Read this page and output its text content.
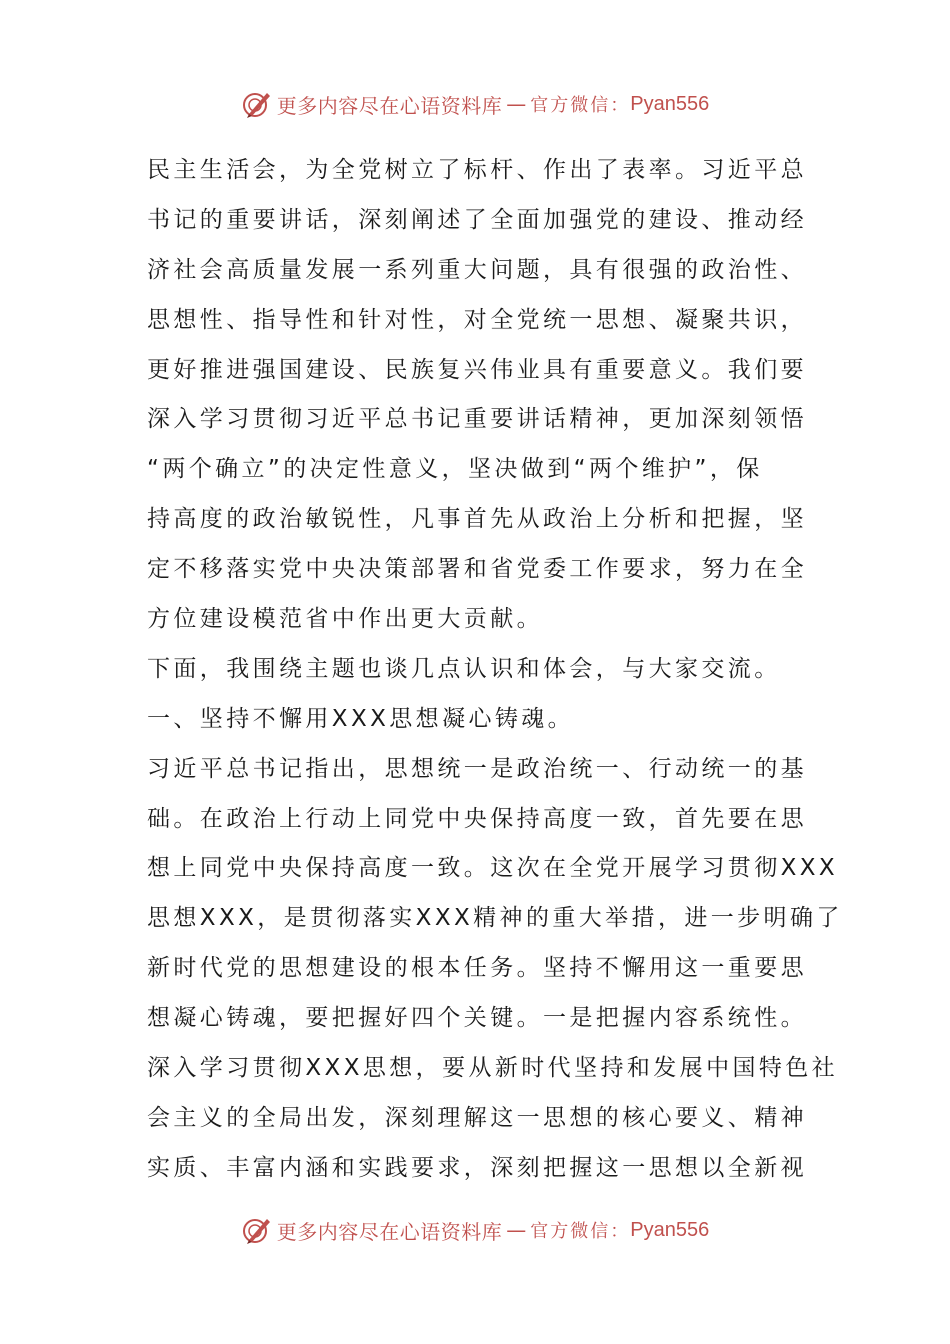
更多内容尽在心语资料库 — 官方微信： Pyan556
民主生活会，为全党树立了标杆、作出了表率。习近平总
书记的重要讲话，深刻阐述了全面加强党的建设、推动经
济社会高质量发展一系列重大问题，具有很强的政治性、
思想性、指导性和针对性，对全党统一思想、凝聚共识，
更好推进强国建设、民族复兴伟业具有重要意义。我们要
深入学习贯彻习近平总书记重要讲话精神，更加深刻领悟
“两个确立”的决定性意义，坚决做到“两个维护”，保
持高度的政治敏锐性，凡事首先从政治上分析和把握，坚
定不移落实党中央决策部署和省党委工作要求，努力在全
方位建设模范省中作出更大贡献。
下面，我围绕主题也谈几点认识和体会，与大家交流。
一、坚持不懈用XXX思想凝心铸魂。
习近平总书记指出，思想统一是政治统一、行动统一的基
础。在政治上行动上同党中央保持高度一致，首先要在思
想上同党中央保持高度一致。这次在全党开展学习贯彻XXX
思想XXX，是贯彻落实XXX精神的重大举措，进一步明确了
新时代党的思想建设的根本任务。坚持不懈用这一重要思
想凝心铸魂，要把握好四个关键。一是把握内容系统性。
深入学习贯彻XXX思想，要从新时代坚持和发展中国特色社
会主义的全局出发，深刻理解这一思想的核心要义、精神
实质、丰富内涵和实践要求，深刻把握这一思想以全新视
更多内容尽在心语资料库 — 官方微信： Pyan556
